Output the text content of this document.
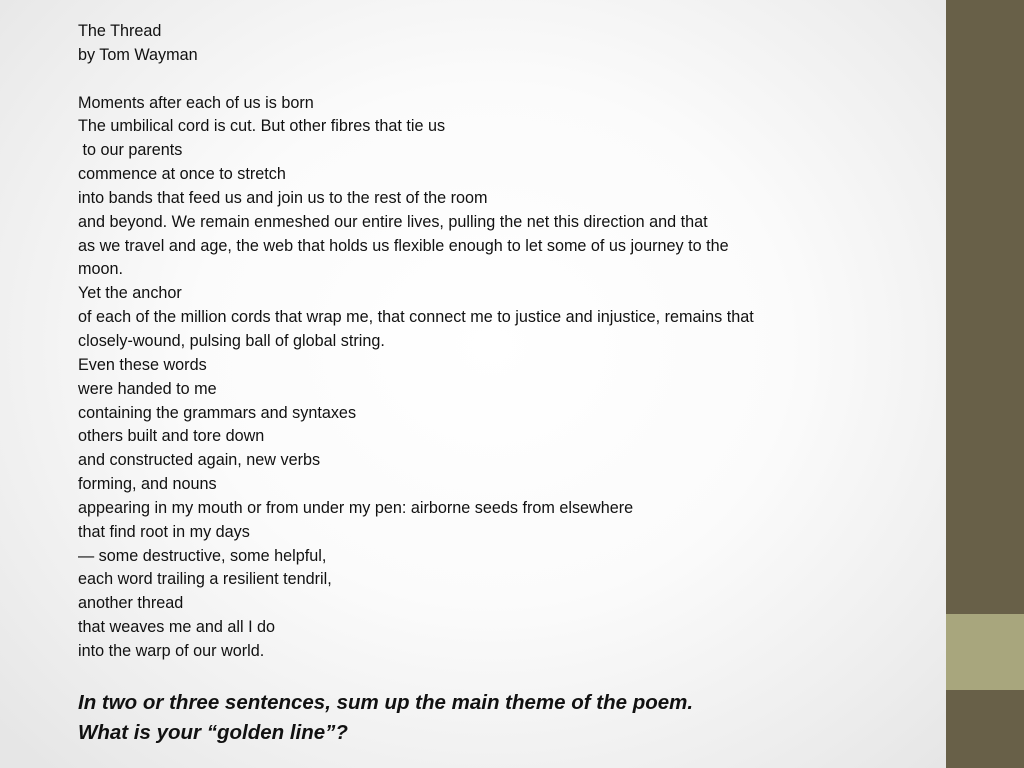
The Thread
by Tom Wayman
Moments after each of us is born
The umbilical cord is cut. But other fibres that tie us
to our parents
commence at once to stretch
into bands that feed us and join us to the rest of the room
and beyond. We remain enmeshed our entire lives, pulling the net this direction and that
as we travel and age, the web that holds us flexible enough to let some of us journey to the
moon.
Yet the anchor
of each of the million cords that wrap me, that connect me to justice and injustice, remains that
closely-wound, pulsing ball of global string.
Even these words
were handed to me
containing the grammars and syntaxes
others built and tore down
and constructed again, new verbs
forming, and nouns
appearing in my mouth or from under my pen: airborne seeds from elsewhere
that find root in my days
— some destructive, some helpful,
each word trailing a resilient tendril,
another thread
that weaves me and all I do
into the warp of our world.
In two or three sentences, sum up the main theme of the poem.
What is your “golden line”?
